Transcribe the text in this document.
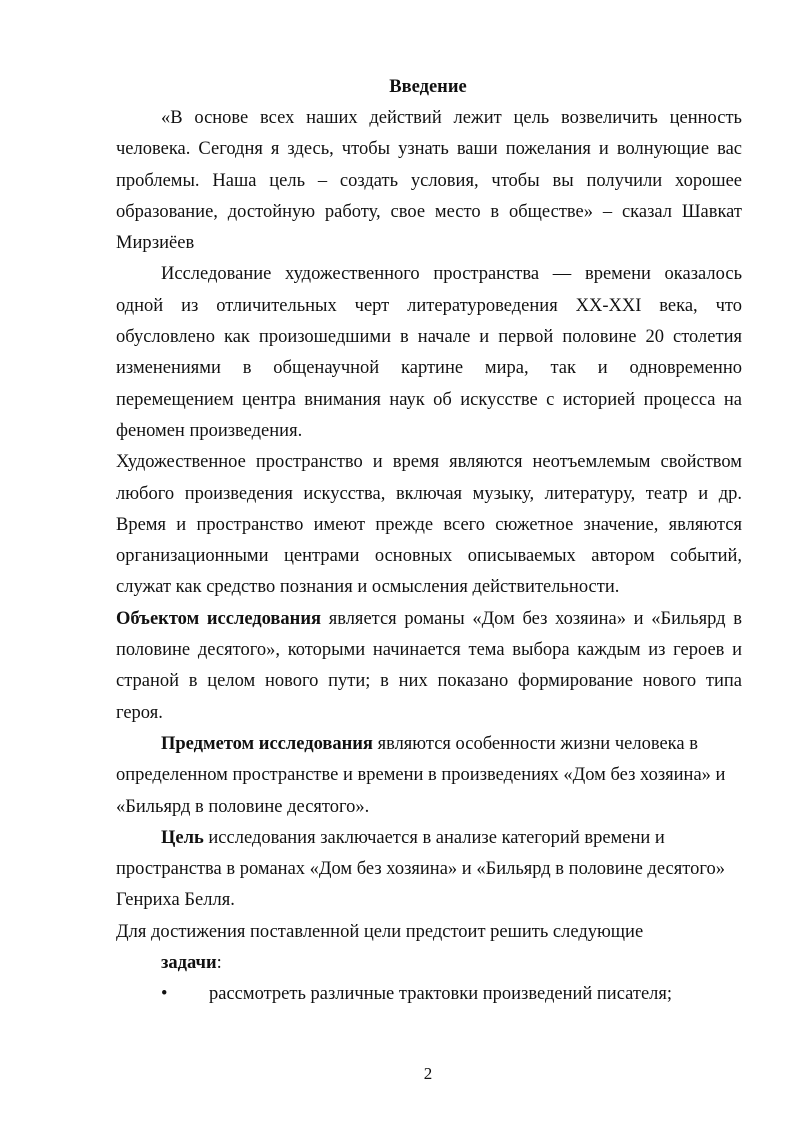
Введение

«В основе всех наших действий лежит цель возвеличить ценность человека. Сегодня я здесь, чтобы узнать ваши пожелания и волнующие вас проблемы. Наша цель – создать условия, чтобы вы получили хорошее образование, достойную работу, свое место в обществе» – сказал Шавкат Мирзиёев

Исследование художественного пространства — времени оказалось одной из отличительных черт литературоведения XX-XXI века, что обусловлено как произошедшими в начале и первой половине 20 столетия изменениями в общенаучной картине мира, так и одновременно перемещением центра внимания наук об искусстве с историей процесса на феномен произведения.

Художественное пространство и время являются неотъемлемым свойством любого произведения искусства, включая музыку, литературу, театр и др. Время и пространство имеют прежде всего сюжетное значение, являются организационными центрами основных описываемых автором событий, служат как средство познания и осмысления действительности.

Объектом исследования является романы «Дом без хозяина» и «Бильярд в половине десятого», которыми начинается тема выбора каждым из героев и страной в целом нового пути; в них показано формирование нового типа героя.

Предметом исследования являются особенности жизни человека в определенном пространстве и времени в произведениях «Дом без хозяина» и «Бильярд в половине десятого».

Цель исследования заключается в анализе категорий времени и пространства в романах «Дом без хозяина» и «Бильярд в половине десятого» Генриха Белля.

Для достижения поставленной цели предстоит решить следующие

задачи:

• рассмотреть различные трактовки произведений писателя;

2
